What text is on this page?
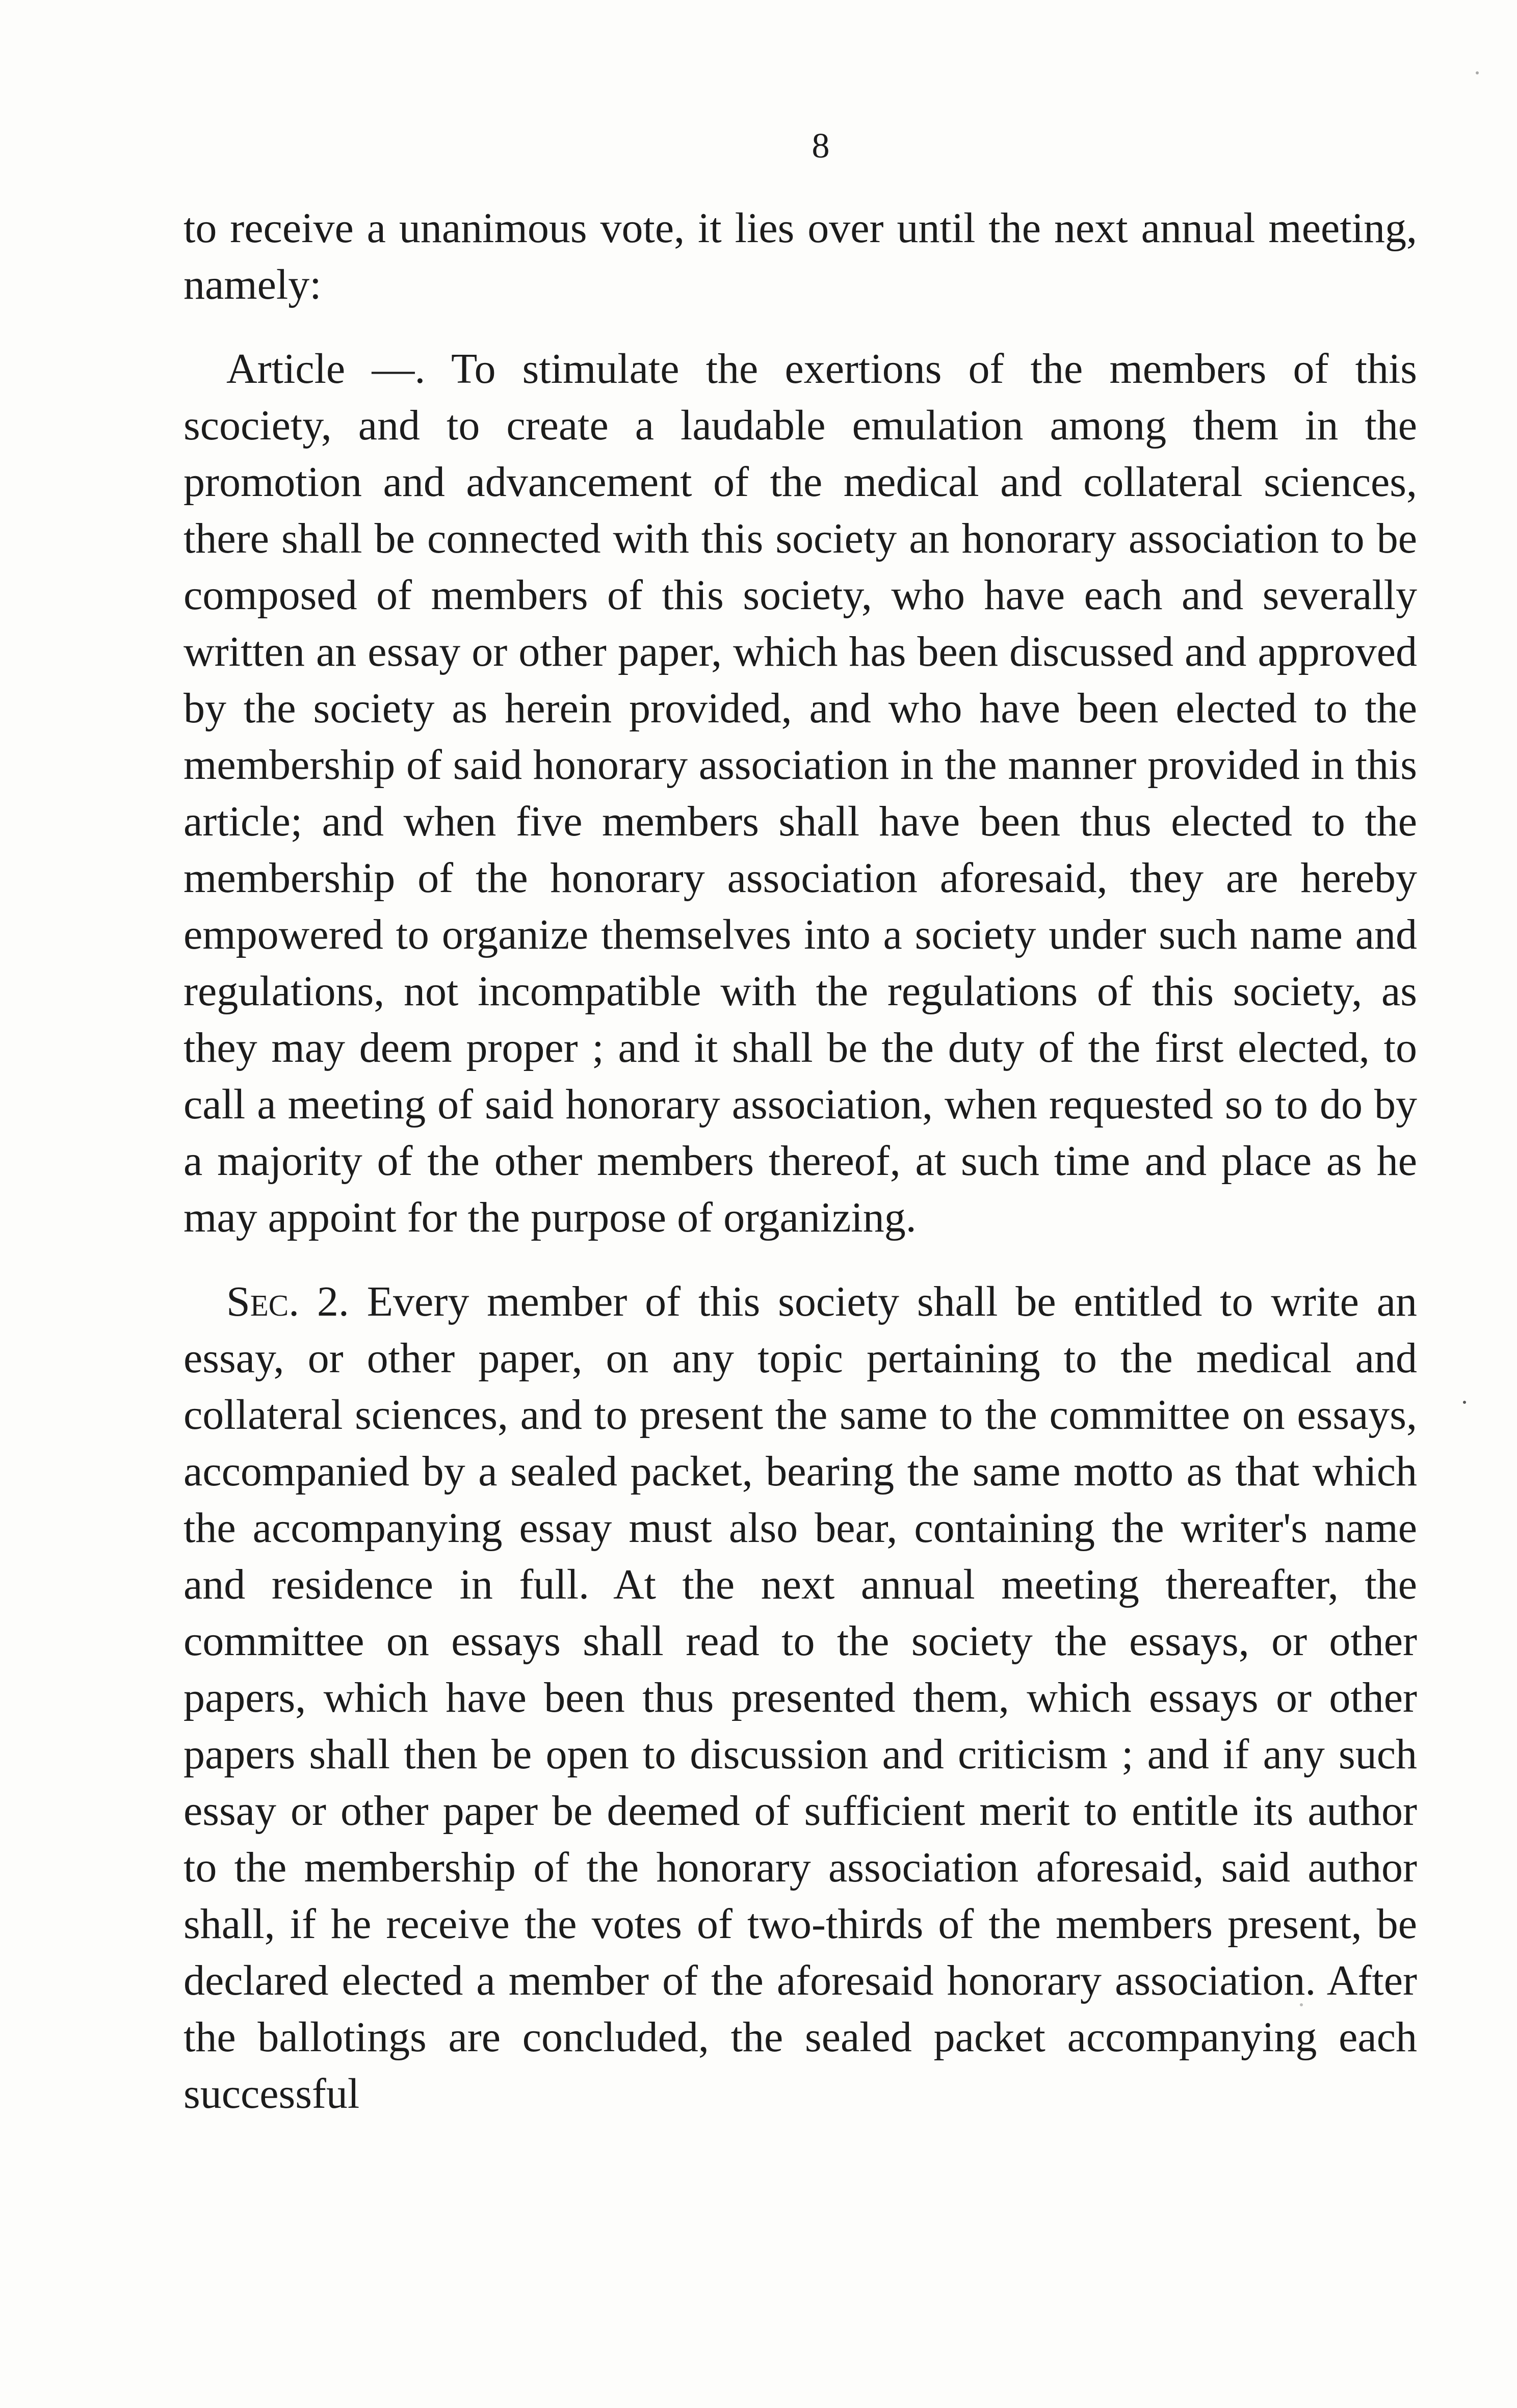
8

to receive a unanimous vote, it lies over until the next annual meeting, namely:

Article —. To stimulate the exertions of the members of this scociety, and to create a laudable emulation among them in the promotion and advancement of the medical and collateral sciences, there shall be connected with this society an honorary association to be composed of members of this society, who have each and severally written an essay or other paper, which has been discussed and approved by the society as herein provided, and who have been elected to the membership of said honorary association in the manner provided in this article; and when five members shall have been thus elected to the membership of the honorary association aforesaid, they are hereby empowered to organize themselves into a society under such name and regulations, not incompatible with the regulations of this society, as they may deem proper ; and it shall be the duty of the first elected, to call a meeting of said honorary association, when requested so to do by a majority of the other members thereof, at such time and place as he may appoint for the purpose of organizing.

Sec. 2. Every member of this society shall be entitled to write an essay, or other paper, on any topic pertaining to the medical and collateral sciences, and to present the same to the committee on essays, accompanied by a sealed packet, bearing the same motto as that which the accompanying essay must also bear, containing the writer's name and residence in full. At the next annual meeting thereafter, the committee on essays shall read to the society the essays, or other papers, which have been thus presented them, which essays or other papers shall then be open to discussion and criticism ; and if any such essay or other paper be deemed of sufficient merit to entitle its author to the membership of the honorary association aforesaid, said author shall, if he receive the votes of two-thirds of the members present, be declared elected a member of the aforesaid honorary association. After the ballotings are concluded, the sealed packet accompanying each successful
